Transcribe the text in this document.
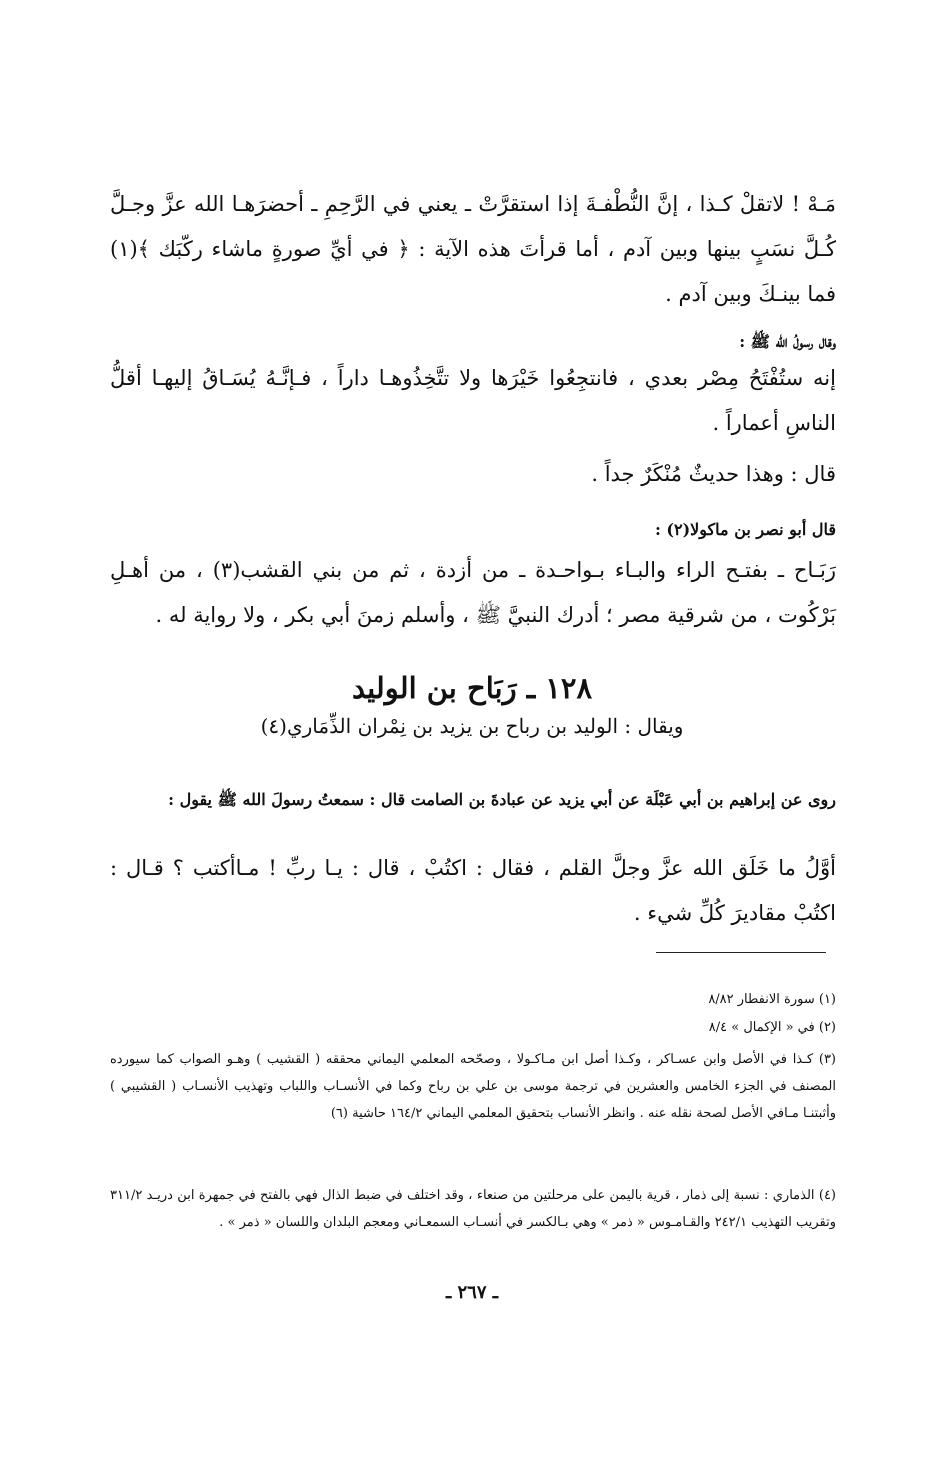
مَـهْ ! لاتقلْ كـذا ، إنَّ النُّطْفـةَ إذا استقرَّتْ ـ يعني في الرَّحِمِ ـ أحضرَهـا الله عزَّ وجـلَّ كُـلَّ نسَبٍ بينها وبين آدم ، أما قرأتَ هذه الآية : ﴿ في أيِّ صورةٍ ماشاء ركّبَك ﴾(١) فما بينـكَ وبين آدم .

وقال رسولُ الله ﷺ :

إنه ستُفْتَحُ مِصْر بعدي ، فانتجِعُوا خَيْرَها ولا تتَّخِذُوهـا داراً ، فـإنَّـهُ يُسَـاقُ إليهـا أقلُّ الناسِ أعماراً .

قال : وهذا حديثٌ مُنْكَرٌ جداً .

قال أبو نصر بن ماكولا(٢) :

رَبَـاح ـ بفتـح الراء والبـاء بـواحـدة ـ من أزدة ، ثم من بني القشب(٣) ، من أهـلِ بَرْكُوت ، من شرقية مصر ؛ أدرك النبيَّ ﷺ ، وأسلم زمنَ أبي بكر ، ولا رواية له .

١٢٨ ـ رَبَاح بن الوليد

ويقال : الوليد بن رباح بن يزيد بن نِمْران الذِّمَاري(٤)

روى عن إبراهيم بن أبي عَبْلَة عن أبي يزيد عن عبادةَ بن الصامت قال : سمعتُ رسولَ الله ﷺ يقول :

أوَّلُ ما خَلَق الله عزَّ وجلَّ القلم ، فقال : اكتُبْ ، قال : يـا ربِّ ! مـاأكتب ؟ قـال : اكتُبْ مقاديرَ كُلِّ شيء .

(١) سورة الانفطار ٨/٨٢

(٢) في « الإكمال » ٨/٤

(٣) كـذا في الأصل وابن عسـاكر ، وكـذا أصل ابن مـاكـولا ، وصحّحه المعلمي اليماني محققه ( القشيب ) وهـو الصواب كما سيورده المصنف في الجزء الخامس والعشرين في ترجمة موسى بن علي بن رباح وكما في الأنسـاب واللباب وتهذيب الأنسـاب ( القشيبي ) وأثبتنـا مـافي الأصل لصحة نقله عنه . وانظر الأنساب بتحقيق المعلمي اليماني ١٦٤/٢ حاشية (٦)

(٤) الذماري : نسبة إلى ذمار ، قرية باليمن على مرحلتين من صنعاء ، وقد اختلف في ضبط الذال فهي بالفتح في جمهرة ابن دريـد ٣١١/٢ وتقريب التهذيب ٢٤٢/١ والقـامـوس « ذمر » وهي بـالكسر في أنسـاب السمعـاني ومعجم البلدان واللسان « ذمر » .

ـ ٢٦٧ ـ
